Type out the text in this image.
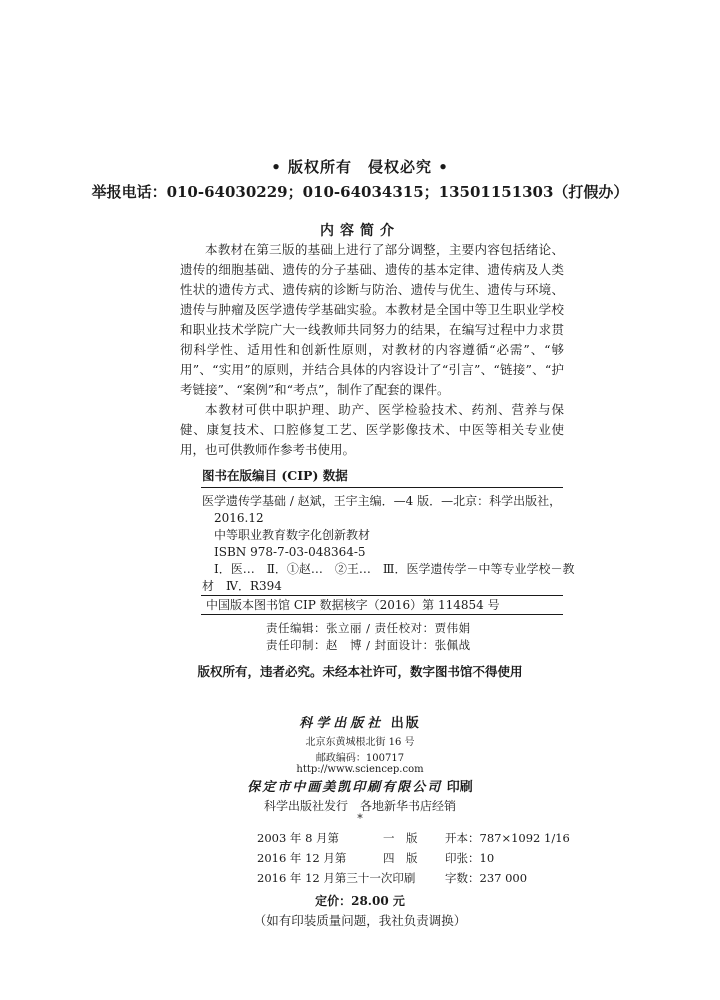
• 版权所有　侵权必究 •
举报电话：010-64030229；010-64034315；13501151303（打假办）
内容简介

本教材在第三版的基础上进行了部分调整，主要内容包括绪论、遗传的细胞基础、遗传的分子基础、遗传的基本定律、遗传病及人类性状的遗传方式、遗传病的诊断与防治、遗传与优生、遗传与环境、遗传与肿瘤及医学遗传学基础实验。本教材是全国中等卫生职业学校和职业技术学院广大一线教师共同努力的结果，在编写过程中力求贯彻科学性、适用性和创新性原则，对教材的内容遵循“必需”、“够用”、“实用”的原则，并结合具体的内容设计了“引言”、“链接”、“护考链接”、“案例”和“考点”，制作了配套的课件。

本教材可供中职护理、助产、医学检验技术、药剂、营养与保健、康复技术、口腔修复工艺、医学影像技术、中医等相关专业使用，也可供教师作参考书使用。

图书在版编目 (CIP) 数据
医学遗传学基础 / 赵斌，王宇主编．—4 版．—北京：科学出版社，
2016.12
中等职业教育数字化创新教材
ISBN 978-7-03-048364-5
Ⅰ．医…　Ⅱ．①赵…　②王…　Ⅲ．医学遗传学－中等专业学校－教
材　Ⅳ．R394
中国版本图书馆 CIP 数据核字（2016）第 114854 号
责任编辑：张立丽 / 责任校对：贾伟娟
责任印制：赵　博 / 封面设计：张佩战
版权所有，违者必究。未经本社许可，数字图书馆不得使用
科学出版社 出版
北京东黄城根北街 16 号
邮政编码：100717
http://www.sciencep.com
保定市中画美凯印刷有限公司 印刷
科学出版社发行　各地新华书店经销
*
2003 年 8 月第	一　版 开本：787×1092 1/16
2016 年 12 月第	四　版 印张：10
2016 年 12 月第三十一次印刷	字数：237 000
定价：28.00 元
（如有印装质量问题，我社负责调换）
